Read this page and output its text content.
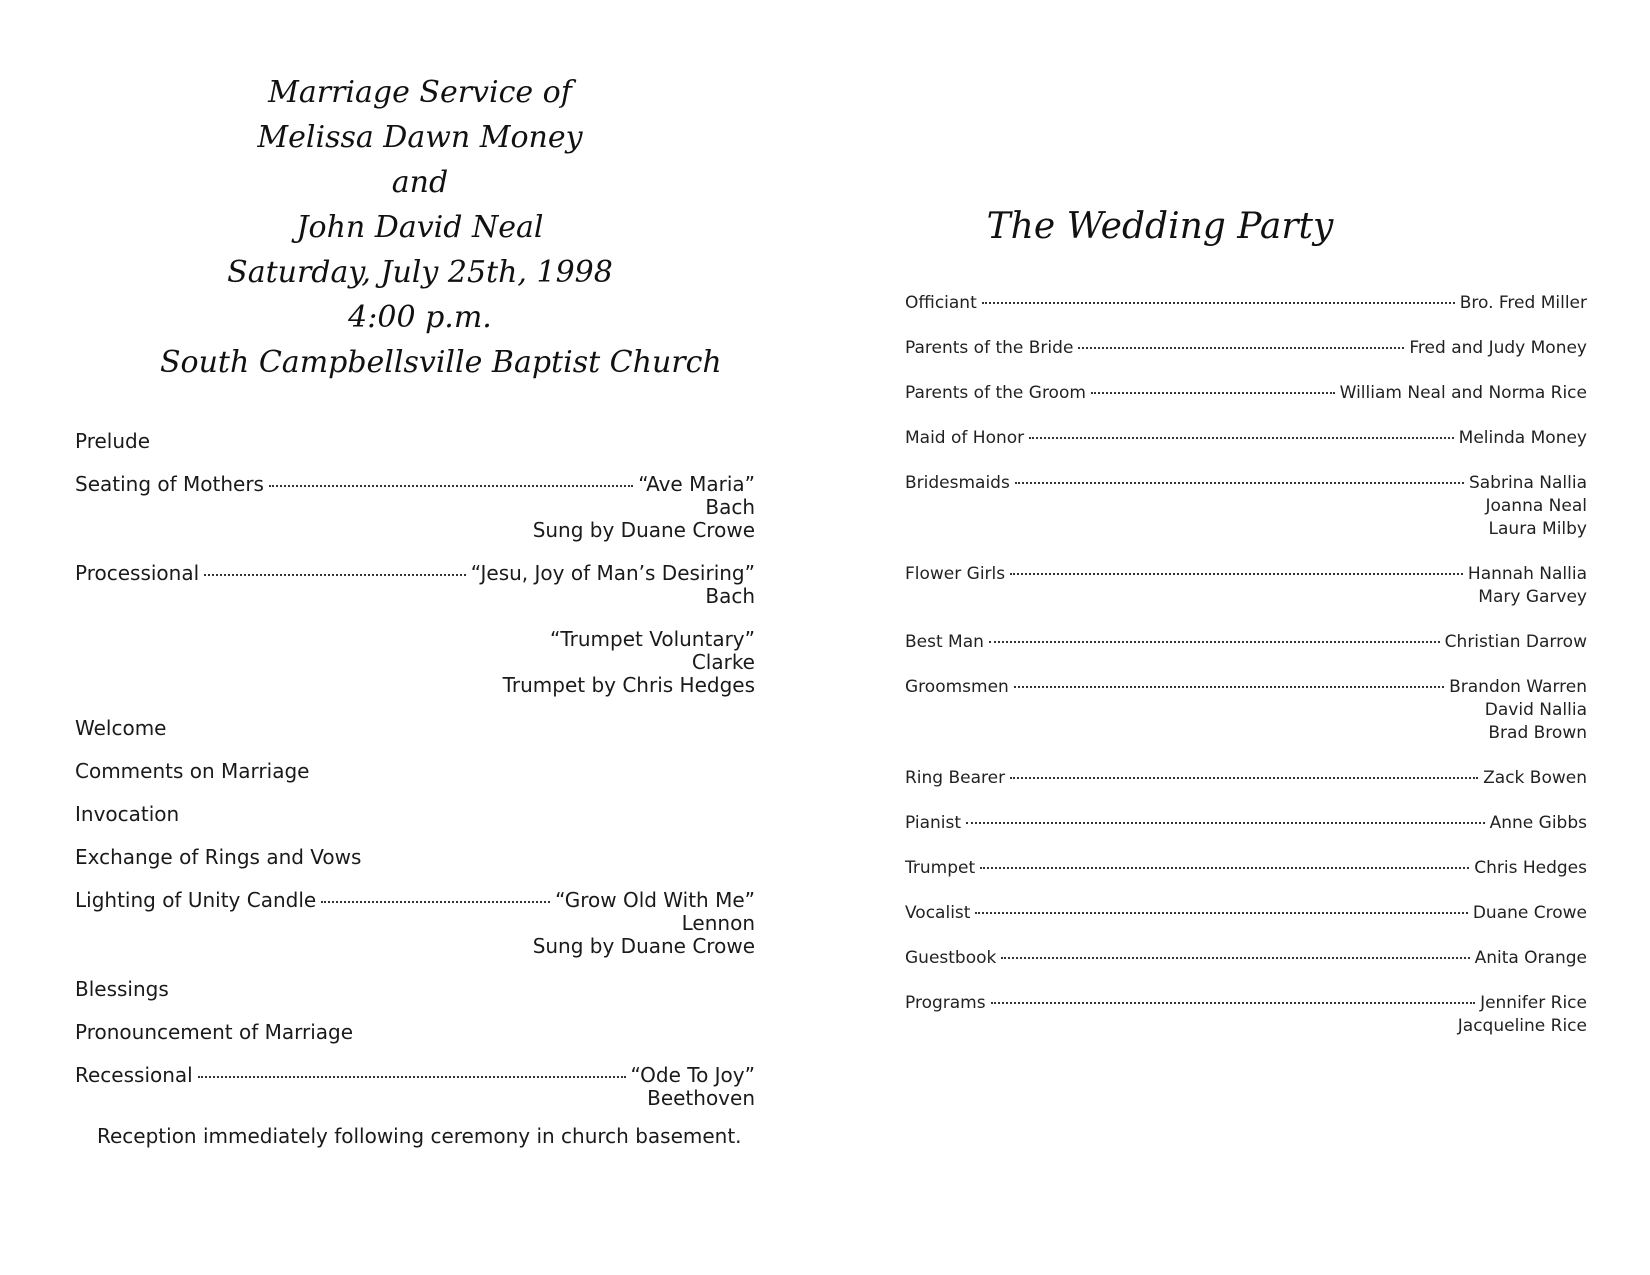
Marriage Service of
Melissa Dawn Money
and
John David Neal
Saturday, July 25th, 1998
4:00 p.m.
South Campbellsville Baptist Church
Prelude
Seating of Mothers	“Ave Maria”
Bach
Sung by Duane Crowe
Processional	“Jesu, Joy of Man’s Desiring”
Bach
“Trumpet Voluntary”
Clarke
Trumpet by Chris Hedges
Welcome
Comments on Marriage
Invocation
Exchange of Rings and Vows
Lighting of Unity Candle	“Grow Old With Me”
Lennon
Sung by Duane Crowe
Blessings
Pronouncement of Marriage
Recessional	“Ode To Joy”
Beethoven
Reception immediately following ceremony in church basement.
The Wedding Party
Officiant	Bro. Fred Miller
Parents of the Bride	Fred and Judy Money
Parents of the Groom	William Neal and Norma Rice
Maid of Honor	Melinda Money
Bridesmaids	Sabrina Nallia
Joanna Neal
Laura Milby
Flower Girls	Hannah Nallia
Mary Garvey
Best Man	Christian Darrow
Groomsmen	Brandon Warren
David Nallia
Brad Brown
Ring Bearer	Zack Bowen
Pianist	Anne Gibbs
Trumpet	Chris Hedges
Vocalist	Duane Crowe
Guestbook	Anita Orange
Programs	Jennifer Rice
Jacqueline Rice
